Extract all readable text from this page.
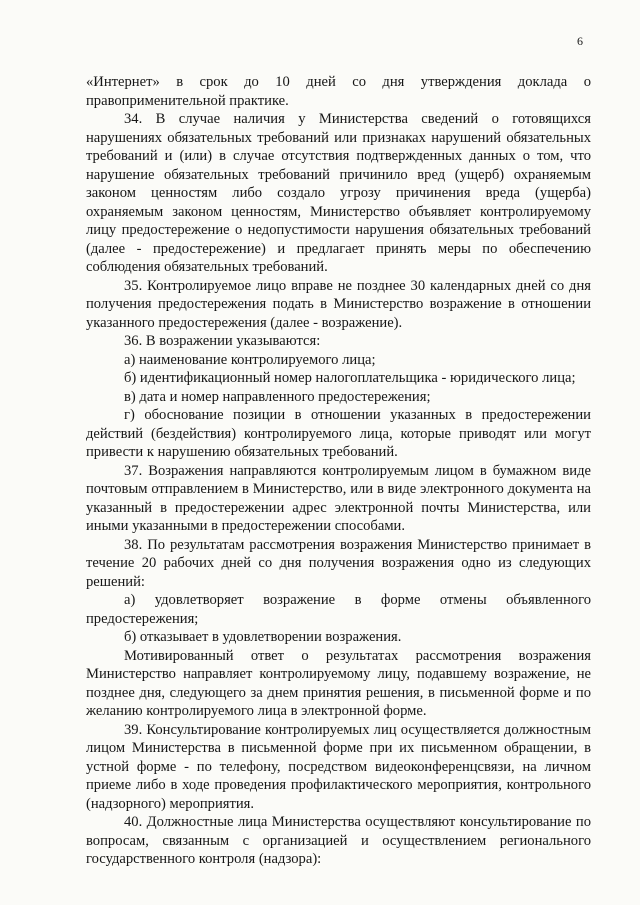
6

«Интернет» в срок до 10 дней со дня утверждения доклада о правоприменительной практике.

34. В случае наличия у Министерства сведений о готовящихся нарушениях обязательных требований или признаках нарушений обязательных требований и (или) в случае отсутствия подтвержденных данных о том, что нарушение обязательных требований причинило вред (ущерб) охраняемым законом ценностям либо создало угрозу причинения вреда (ущерба) охраняемым законом ценностям, Министерство объявляет контролируемому лицу предостережение о недопустимости нарушения обязательных требований (далее - предостережение) и предлагает принять меры по обеспечению соблюдения обязательных требований.

35. Контролируемое лицо вправе не позднее 30 календарных дней со дня получения предостережения подать в Министерство возражение в отношении указанного предостережения (далее - возражение).

36. В возражении указываются:

а) наименование контролируемого лица;

б) идентификационный номер налогоплательщика - юридического лица;

в) дата и номер направленного предостережения;

г) обоснование позиции в отношении указанных в предостережении действий (бездействия) контролируемого лица, которые приводят или могут привести к нарушению обязательных требований.

37. Возражения направляются контролируемым лицом в бумажном виде почтовым отправлением в Министерство, или в виде электронного документа на указанный в предостережении адрес электронной почты Министерства, или иными указанными в предостережении способами.

38. По результатам рассмотрения возражения Министерство принимает в течение 20 рабочих дней со дня получения возражения одно из следующих решений:

а) удовлетворяет возражение в форме отмены объявленного предостережения;

б) отказывает в удовлетворении возражения.

Мотивированный ответ о результатах рассмотрения возражения Министерство направляет контролируемому лицу, подавшему возражение, не позднее дня, следующего за днем принятия решения, в письменной форме и по желанию контролируемого лица в электронной форме.

39. Консультирование контролируемых лиц осуществляется должностным лицом Министерства в письменной форме при их письменном обращении, в устной форме - по телефону, посредством видеоконференцсвязи, на личном приеме либо в ходе проведения профилактического мероприятия, контрольного (надзорного) мероприятия.

40. Должностные лица Министерства осуществляют консультирование по вопросам, связанным с организацией и осуществлением регионального государственного контроля (надзора):
